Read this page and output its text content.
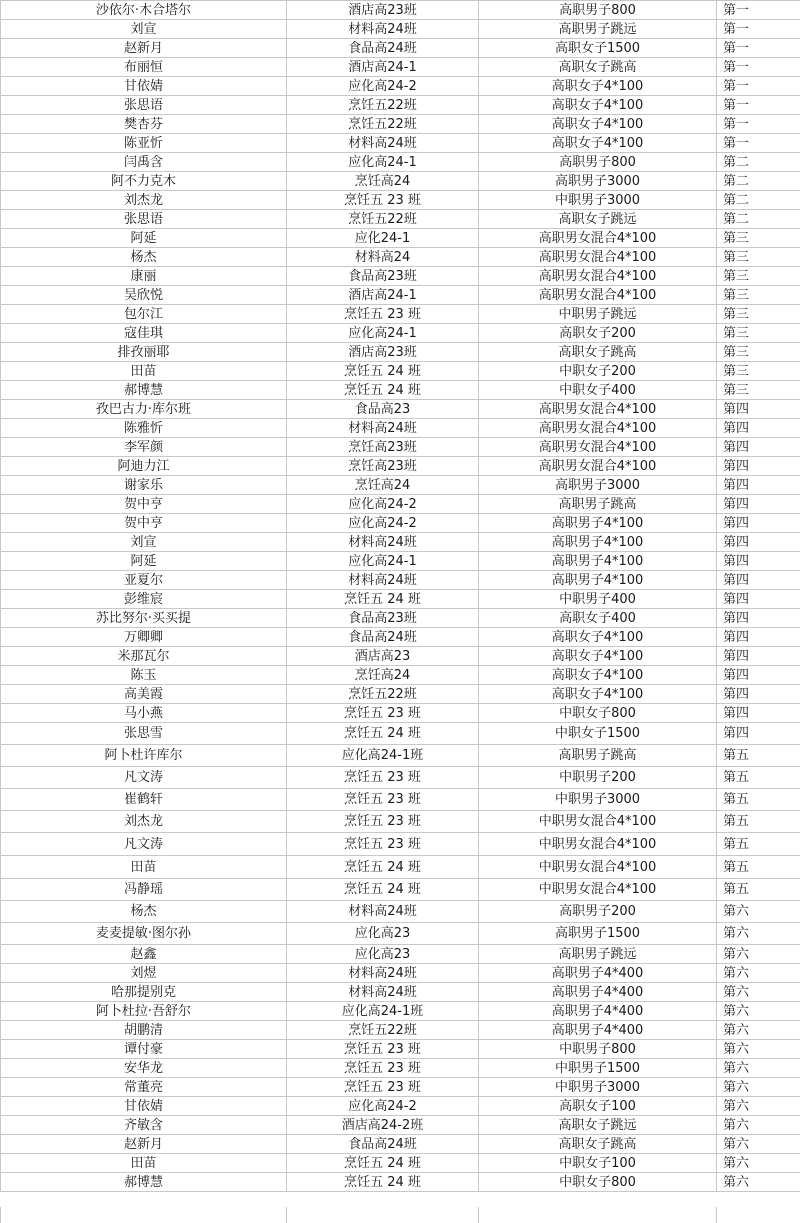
沙依尔·木合塔尔	酒店高23班	高职男子800	第一
刘宣	材料高24班	高职男子跳远	第一
赵新月	食品高24班	高职女子1500	第一
布丽恒	酒店高24-1	高职女子跳高	第一
甘依婧	应化高24-2	高职女子4*100	第一
张思语	烹饪五22班	高职女子4*100	第一
樊杏芬	烹饪五22班	高职女子4*100	第一
陈亚忻	材料高24班	高职女子4*100	第一
闫禹含	应化高24-1	高职男子800	第二
阿不力克木	烹饪高24	高职男子3000	第二
刘杰龙	烹饪五 23 班	中职男子3000	第二
张思语	烹饪五22班	高职女子跳远	第二
阿延	应化24-1	高职男女混合4*100	第三
杨杰	材料高24	高职男女混合4*100	第三
康丽	食品高23班	高职男女混合4*100	第三
吴欣悦	酒店高24-1	高职男女混合4*100	第三
包尔江	烹饪五 23 班	中职男子跳远	第三
寇佳琪	应化高24-1	高职女子200	第三
排孜丽耶	酒店高23班	高职女子跳高	第三
田苗	烹饪五 24 班	中职女子200	第三
郝博慧	烹饪五 24 班	中职女子400	第三
孜巴古力·库尔班	食品高23	高职男女混合4*100	第四
陈雅忻	材料高24班	高职男女混合4*100	第四
李军颜	烹饪高23班	高职男女混合4*100	第四
阿迪力江	烹饪高23班	高职男女混合4*100	第四
谢家乐	烹饪高24	高职男子3000	第四
贺中亨	应化高24-2	高职男子跳高	第四
贺中亨	应化高24-2	高职男子4*100	第四
刘宣	材料高24班	高职男子4*100	第四
阿延	应化高24-1	高职男子4*100	第四
亚夏尔	材料高24班	高职男子4*100	第四
彭维宸	烹饪五 24 班	中职男子400	第四
苏比努尔·买买提	食品高23班	高职女子400	第四
万卿卿	食品高24班	高职女子4*100	第四
米那瓦尔	酒店高23	高职女子4*100	第四
陈玉	烹饪高24	高职女子4*100	第四
高美霞	烹饪五22班	高职女子4*100	第四
马小燕	烹饪五 23 班	中职女子800	第四
张思雪	烹饪五 24 班	中职女子1500	第四
阿卜杜许库尔	应化高24-1班	高职男子跳高	第五
凡文涛	烹饪五 23 班	中职男子200	第五
崔鹤轩	烹饪五 23 班	中职男子3000	第五
刘杰龙	烹饪五 23 班	中职男女混合4*100	第五
凡文涛	烹饪五 23 班	中职男女混合4*100	第五
田苗	烹饪五 24 班	中职男女混合4*100	第五
冯静瑶	烹饪五 24 班	中职男女混合4*100	第五
杨杰	材料高24班	高职男子200	第六
麦麦提敏·图尔孙	应化高23	高职男子1500	第六
赵鑫	应化高23	高职男子跳远	第六
刘煜	材料高24班	高职男子4*400	第六
哈那提别克	材料高24班	高职男子4*400	第六
阿卜杜拉·吾舒尔	应化高24-1班	高职男子4*400	第六
胡鹏清	烹饪五22班	高职男子4*400	第六
谭付豪	烹饪五 23 班	中职男子800	第六
安华龙	烹饪五 23 班	中职男子1500	第六
常董亮	烹饪五 23 班	中职男子3000	第六
甘依婧	应化高24-2	高职女子100	第六
齐敏含	酒店高24-2班	高职女子跳远	第六
赵新月	食品高24班	高职女子跳高	第六
田苗	烹饪五 24 班	中职女子100	第六
郝博慧	烹饪五 24 班	中职女子800	第六
